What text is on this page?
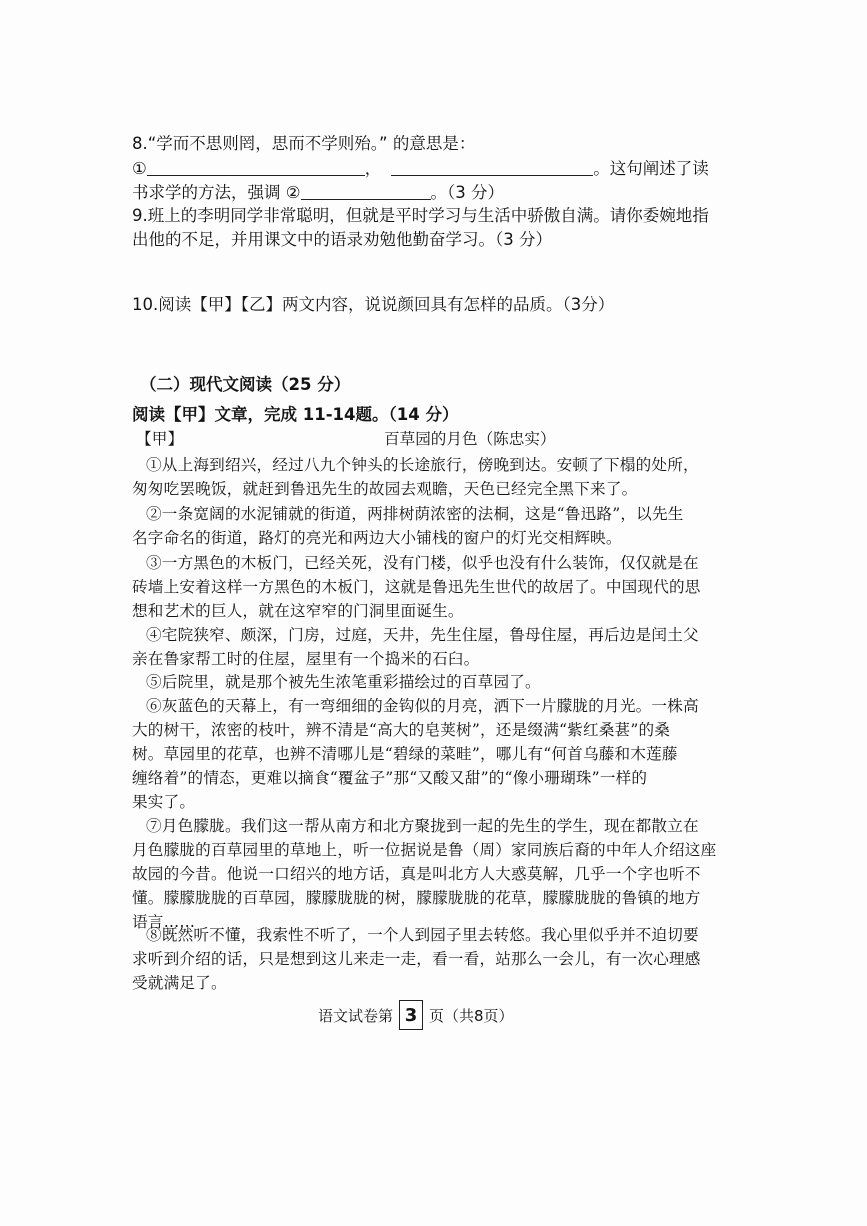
8.“学而不思则罔，思而不学则殆。” 的意思是：
①	，	。这句阐述了读
书求学的方法，强调 ②	。（3 分）
9.班上的李明同学非常聪明，但就是平时学习与生活中骄傲自满。请你委婉地指
出他的不足，并用课文中的语录劝勉他勤奋学习。（3 分）
10.阅读【甲】【乙】两文内容，说说颜回具有怎样的品质。（3分）
（二）现代文阅读（25 分）
阅读【甲】文章，完成 11-14题。（14 分）
【甲】	百草园的月色（陈忠实）
①从上海到绍兴，经过八九个钟头的长途旅行，傍晚到达。安顿了下榻的处所，
匆匆吃罢晚饭，就赶到鲁迅先生的故园去观瞻，天色已经完全黑下来了。
②一条宽阔的水泥铺就的街道，两排树荫浓密的法桐，这是“鲁迅路”，以先生
名字命名的街道，路灯的亮光和两边大小铺栈的窗户的灯光交相辉映。
③一方黑色的木板门，已经关死，没有门楼，似乎也没有什么装饰，仅仅就是在
砖墙上安着这样一方黑色的木板门，这就是鲁迅先生世代的故居了。中国现代的思
想和艺术的巨人，就在这窄窄的门洞里面诞生。
④宅院狭窄、颇深，门房，过庭，天井，先生住屋，鲁母住屋，再后边是闰土父
亲在鲁家帮工时的住屋，屋里有一个捣米的石臼。
⑤后院里，就是那个被先生浓笔重彩描绘过的百草园了。
⑥灰蓝色的天幕上，有一弯细细的金钩似的月亮，洒下一片朦胧的月光。一株高
大的树干，浓密的枝叶，辨不清是“高大的皂荚树”，还是缀满“紫红桑葚”的桑
树。草园里的花草，也辨不清哪儿是“碧绿的菜畦”，哪儿有“何首乌藤和木莲藤
缠络着”的情态，更难以摘食“覆盆子”那“又酸又甜”的“像小珊瑚珠”一样的
果实了。
⑦月色朦胧。我们这一帮从南方和北方聚拢到一起的先生的学生，现在都散立在
月色朦胧的百草园里的草地上，听一位据说是鲁（周）家同族后裔的中年人介绍这座
故园的今昔。他说一口绍兴的地方话，真是叫北方人大惑莫解，几乎一个字也听不
懂。朦朦胧胧的百草园，朦朦胧胧的树，朦朦胧胧的花草，朦朦胧胧的鲁镇的地方
语言……
⑧既然听不懂，我索性不听了，一个人到园子里去转悠。我心里似乎并不迫切要
求听到介绍的话，只是想到这儿来走一走，看一看，站那么一会儿，有一次心理感
受就满足了。
语文试卷第 3 页（共8页）
